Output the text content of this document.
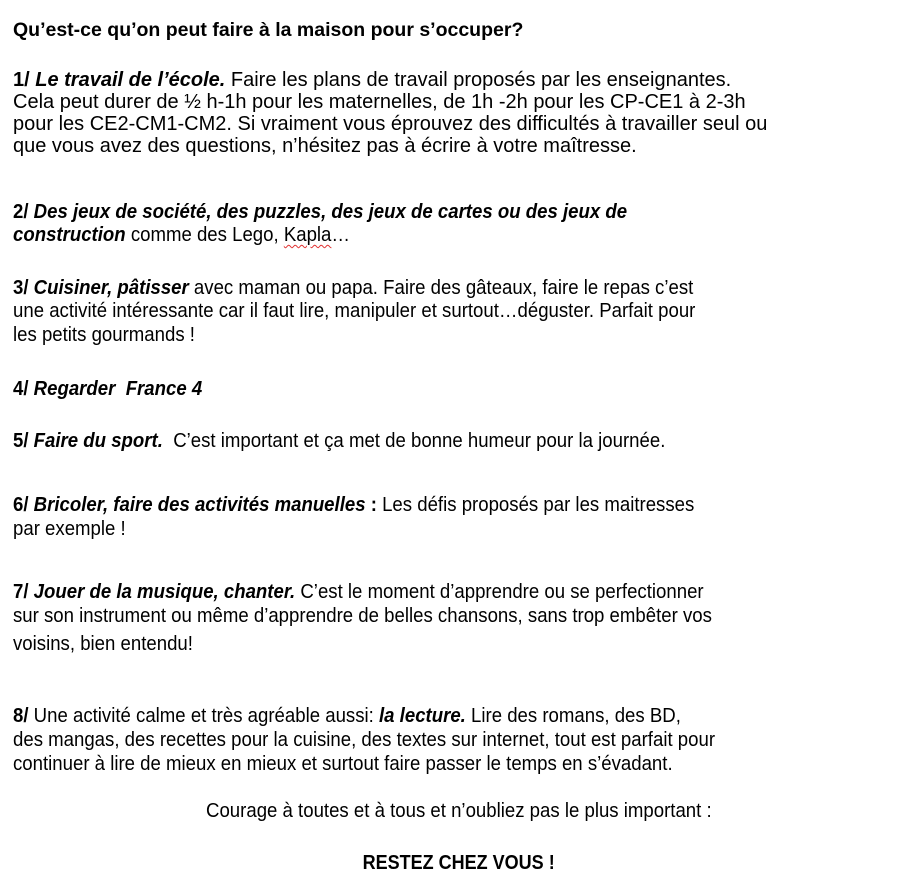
Qu’est-ce qu’on peut faire à la maison pour s’occuper?
1/ Le travail de l’école. Faire les plans de travail proposés par les enseignantes.
Cela peut durer de ½ h-1h pour les maternelles, de 1h -2h pour les CP-CE1 à 2-3h
pour les CE2-CM1-CM2. Si vraiment vous éprouvez des difficultés à travailler seul ou
que vous avez des questions, n’hésitez pas à écrire à votre maîtresse.
2/ Des jeux de société, des puzzles, des jeux de cartes ou des jeux de
construction comme des Lego, Kapla…
3/ Cuisiner, pâtisser avec maman ou papa. Faire des gâteaux, faire le repas c’est
une activité intéressante car il faut lire, manipuler et surtout…déguster. Parfait pour
les petits gourmands !
4/ Regarder  France 4
5/ Faire du sport.  C’est important et ça met de bonne humeur pour la journée.
6/ Bricoler, faire des activités manuelles : Les défis proposés par les maitresses
par exemple !
7/ Jouer de la musique, chanter. C’est le moment d’apprendre ou se perfectionner
sur son instrument ou même d’apprendre de belles chansons, sans trop embêter vos
voisins, bien entendu!
8/ Une activité calme et très agréable aussi: la lecture. Lire des romans, des BD,
des mangas, des recettes pour la cuisine, des textes sur internet, tout est parfait pour
continuer à lire de mieux en mieux et surtout faire passer le temps en s’évadant.
Courage à toutes et à tous et n’oubliez pas le plus important :
RESTEZ CHEZ VOUS !
